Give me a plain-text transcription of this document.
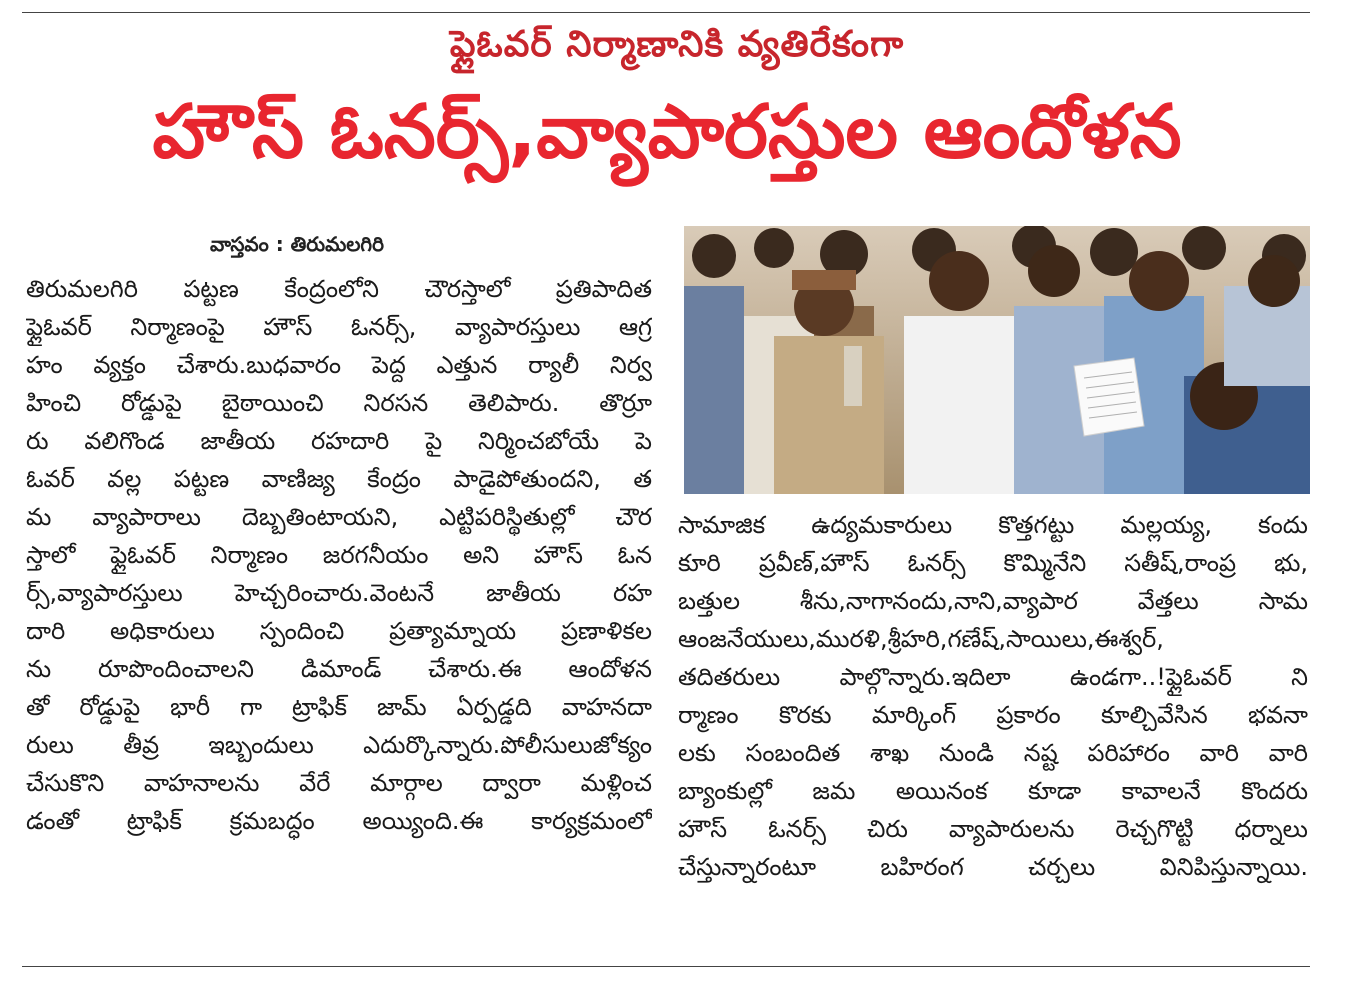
ఫ్లైఓవర్ నిర్మాణానికి వ్యతిరేకంగా
హౌస్ ఓనర్స్,వ్యాపారస్తుల ఆందోళన
వాస్తవం : తిరుమలగిరి
తిరుమలగిరి పట్టణ కేంద్రంలోని చౌరస్తాలో ప్రతిపాదిత
ఫ్లైఓవర్ నిర్మాణంపై హౌస్ ఓనర్స్, వ్యాపారస్తులు ఆగ్ర
హం వ్యక్తం చేశారు.బుధవారం పెద్ద ఎత్తున ర్యాలీ నిర్వ
హించి రోడ్డుపై బైఠాయించి నిరసన తెలిపారు. తొర్రూ
రు వలిగొండ జాతీయ రహదారి పై నిర్మించబోయే పె
ఓవర్ వల్ల పట్టణ వాణిజ్య కేంద్రం పాడైపోతుందని, త
మ వ్యాపారాలు దెబ్బతింటాయని, ఎట్టిపరిస్థితుల్లో చౌర
స్తాలో ఫ్లైఓవర్ నిర్మాణం జరగనీయం అని హౌస్ ఓన
ర్స్,వ్యాపారస్తులు హెచ్చరించారు.వెంటనే జాతీయ రహ
దారి అధికారులు స్పందించి ప్రత్యామ్నాయ ప్రణాళికల
ను రూపొందించాలని డిమాండ్ చేశారు.ఈ ఆందోళన
తో రోడ్డుపై భారీ గా ట్రాఫిక్ జామ్ ఏర్పడ్డది వాహనదా
రులు తీవ్ర ఇబ్బందులు ఎదుర్కొన్నారు.పోలీసులుజోక్యం
చేసుకొని వాహనాలను వేరే మార్గాల ద్వారా మళ్లించ
డంతో ట్రాఫిక్ క్రమబద్ధం అయ్యింది.ఈ కార్యక్రమంలో
సామాజిక ఉద్యమకారులు కొత్తగట్టు మల్లయ్య, కందు
కూరి ప్రవీణ్,హౌస్ ఓనర్స్ కొమ్మినేని సతీష్,రాంప్ర భు,
బత్తుల శీను,నాగానందు,నాని,వ్యాపార వేత్తలు సామ
ఆంజనేయులు,మురళి,శ్రీహరి,గణేష్,సాయిలు,ఈశ్వర్,
తదితరులు పాల్గొన్నారు.ఇదిలా ఉండగా..!ఫ్లైఓవర్ ని
ర్మాణం కొరకు మార్కింగ్ ప్రకారం కూల్చివేసిన భవనా
లకు సంబందిత శాఖ నుండి నష్ట పరిహారం వారి వారి
బ్యాంకుల్లో జమ అయినంక కూడా కావాలనే కొందరు
హౌస్ ఓనర్స్ చిరు వ్యాపారులను రెచ్చగొట్టి ధర్నాలు
చేస్తున్నారంటూ బహిరంగ చర్చలు వినిపిస్తున్నాయి.
